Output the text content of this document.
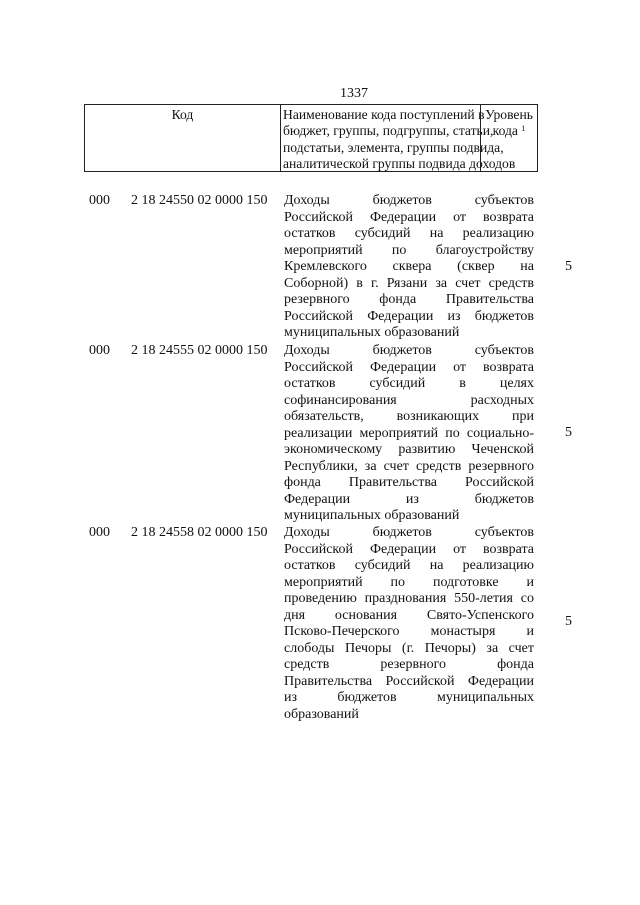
1337
Код	Наименование кода поступлений в
бюджет, группы, подгруппы, статьи,
подстатьи, элемента, группы подвида,
аналитической группы подвида доходов
Уровень
кода $^1$
000 2 18 24550 02 0000 150 Доходы бюджетов субъектов
Российской Федерации от возврата
остатков субсидий на реализацию
мероприятий по благоустройству
Кремлевского сквера (сквер на
Соборной) в г. Рязани за счет средств
резервного фонда Правительства
Российской Федерации из бюджетов
муниципальных образований
5
000 2 18 24555 02 0000 150 Доходы бюджетов субъектов
Российской Федерации от возврата
остатков субсидий в целях
софинансирования расходных
обязательств, возникающих при
реализации мероприятий по социально-
экономическому развитию Чеченской
Республики, за счет средств резервного
фонда Правительства Российской
Федерации из бюджетов
муниципальных образований
5
000 2 18 24558 02 0000 150 Доходы бюджетов субъектов
Российской Федерации от возврата
остатков субсидий на реализацию
мероприятий по подготовке и
проведению празднования 550-летия со
дня основания Свято-Успенского
Псково-Печерского монастыря и
слободы Печоры (г. Печоры) за счет
средств резервного фонда
Правительства Российской Федерации
из бюджетов муниципальных
образований
5
